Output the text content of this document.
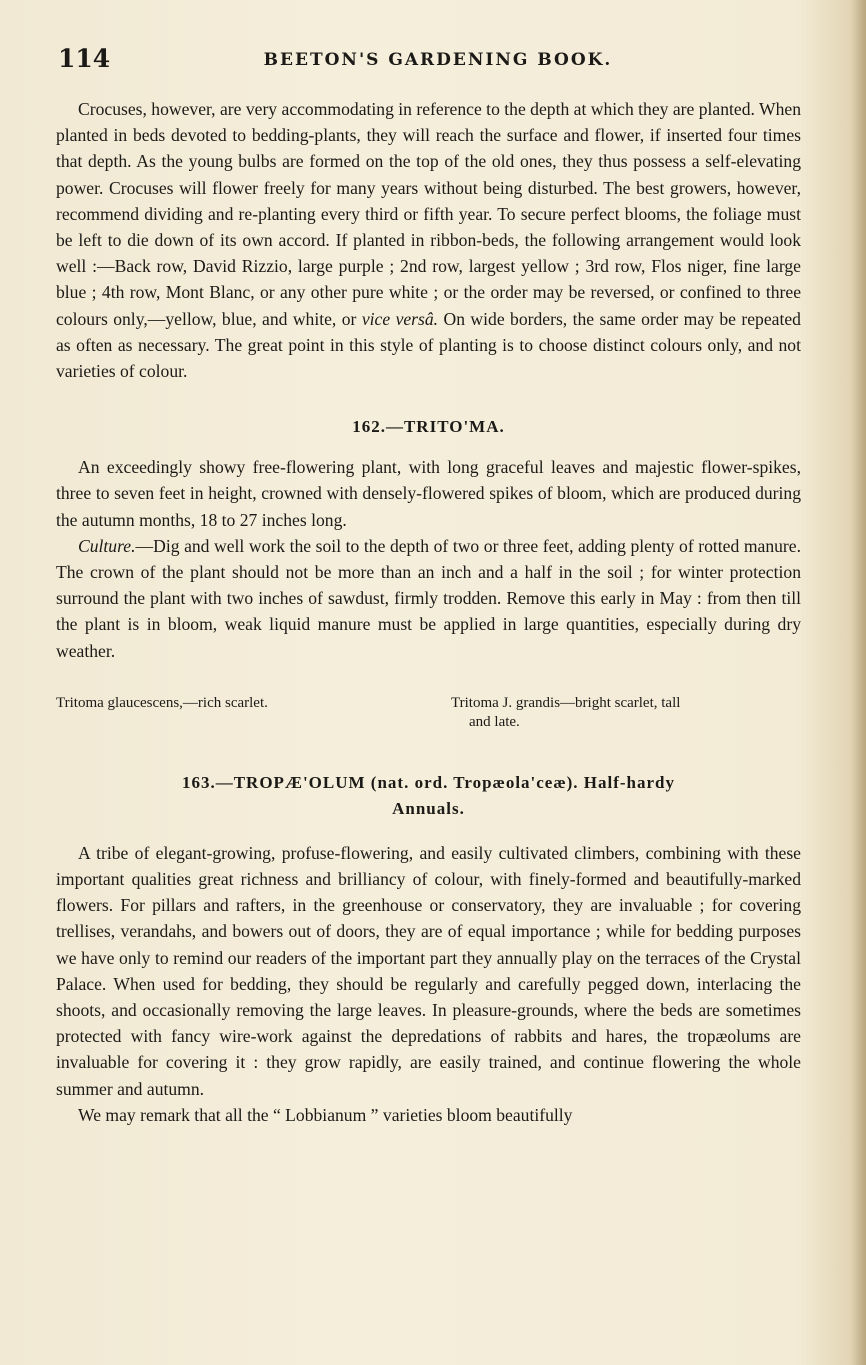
114	BEETON'S GARDENING BOOK.

Crocuses, however, are very accommodating in reference to the depth at which they are planted. When planted in beds devoted to bedding-plants, they will reach the surface and flower, if inserted four times that depth. As the young bulbs are formed on the top of the old ones, they thus possess a self-elevating power. Crocuses will flower freely for many years without being disturbed. The best growers, however, recommend dividing and re-planting every third or fifth year. To secure perfect blooms, the foliage must be left to die down of its own accord. If planted in ribbon-beds, the following arrangement would look well :—Back row, David Rizzio, large purple ; 2nd row, largest yellow ; 3rd row, Flos niger, fine large blue ; 4th row, Mont Blanc, or any other pure white ; or the order may be reversed, or confined to three colours only,—yellow, blue, and white, or vice versâ. On wide borders, the same order may be repeated as often as necessary. The great point in this style of planting is to choose distinct colours only, and not varieties of colour.

162.—TRITO'MA.

An exceedingly showy free-flowering plant, with long graceful leaves and majestic flower-spikes, three to seven feet in height, crowned with densely-flowered spikes of bloom, which are produced during the autumn months, 18 to 27 inches long.

Culture.—Dig and well work the soil to the depth of two or three feet, adding plenty of rotted manure. The crown of the plant should not be more than an inch and a half in the soil ; for winter protection surround the plant with two inches of sawdust, firmly trodden. Remove this early in May : from then till the plant is in bloom, weak liquid manure must be applied in large quantities, especially during dry weather.

Tritoma glaucescens,—rich scarlet.	Tritoma J. grandis—bright scarlet, tall
and late.
163.—TROPÆ'OLUM (nat. ord. Tropæola'ceæ). Half-hardy
Annuals.

A tribe of elegant-growing, profuse-flowering, and easily cultivated climbers, combining with these important qualities great richness and brilliancy of colour, with finely-formed and beautifully-marked flowers. For pillars and rafters, in the greenhouse or conservatory, they are invaluable ; for covering trellises, verandahs, and bowers out of doors, they are of equal importance ; while for bedding purposes we have only to remind our readers of the important part they annually play on the terraces of the Crystal Palace. When used for bedding, they should be regularly and carefully pegged down, interlacing the shoots, and occasionally removing the large leaves. In pleasure-grounds, where the beds are sometimes protected with fancy wire-work against the depredations of rabbits and hares, the tropæolums are invaluable for covering it : they grow rapidly, are easily trained, and continue flowering the whole summer and autumn.

We may remark that all the “ Lobbianum ” varieties bloom beautifully
